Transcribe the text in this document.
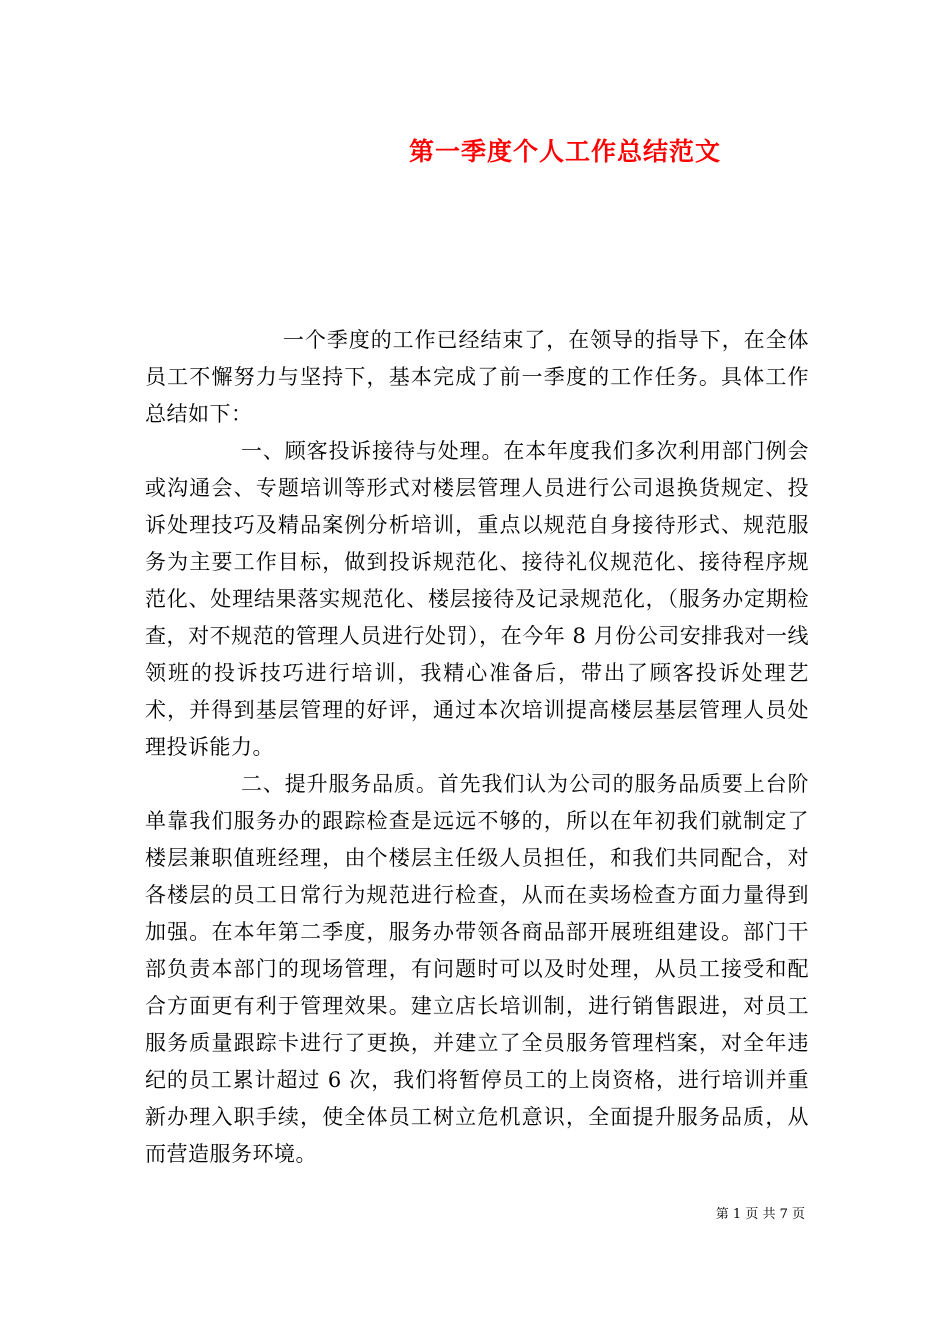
第一季度个人工作总结范文

一个季度的工作已经结束了，在领导的指导下，在全体员工不懈努力与坚持下，基本完成了前一季度的工作任务。具体工作总结如下：

一、顾客投诉接待与处理。在本年度我们多次利用部门例会或沟通会、专题培训等形式对楼层管理人员进行公司退换货规定、投诉处理技巧及精品案例分析培训，重点以规范自身接待形式、规范服务为主要工作目标，做到投诉规范化、接待礼仪规范化、接待程序规范化、处理结果落实规范化、楼层接待及记录规范化，（服务办定期检查，对不规范的管理人员进行处罚），在今年 8 月份公司安排我对一线领班的投诉技巧进行培训，我精心准备后，带出了顾客投诉处理艺术，并得到基层管理的好评，通过本次培训提高楼层基层管理人员处理投诉能力。

二、提升服务品质。首先我们认为公司的服务品质要上台阶单靠我们服务办的跟踪检查是远远不够的，所以在年初我们就制定了楼层兼职值班经理，由个楼层主任级人员担任，和我们共同配合，对各楼层的员工日常行为规范进行检查，从而在卖场检查方面力量得到加强。在本年第二季度，服务办带领各商品部开展班组建设。部门干部负责本部门的现场管理，有问题时可以及时处理，从员工接受和配合方面更有利于管理效果。建立店长培训制，进行销售跟进，对员工服务质量跟踪卡进行了更换，并建立了全员服务管理档案，对全年违纪的员工累计超过 6 次，我们将暂停员工的上岗资格，进行培训并重新办理入职手续，使全体员工树立危机意识，全面提升服务品质，从而营造服务环境。

第 1 页 共 7 页
